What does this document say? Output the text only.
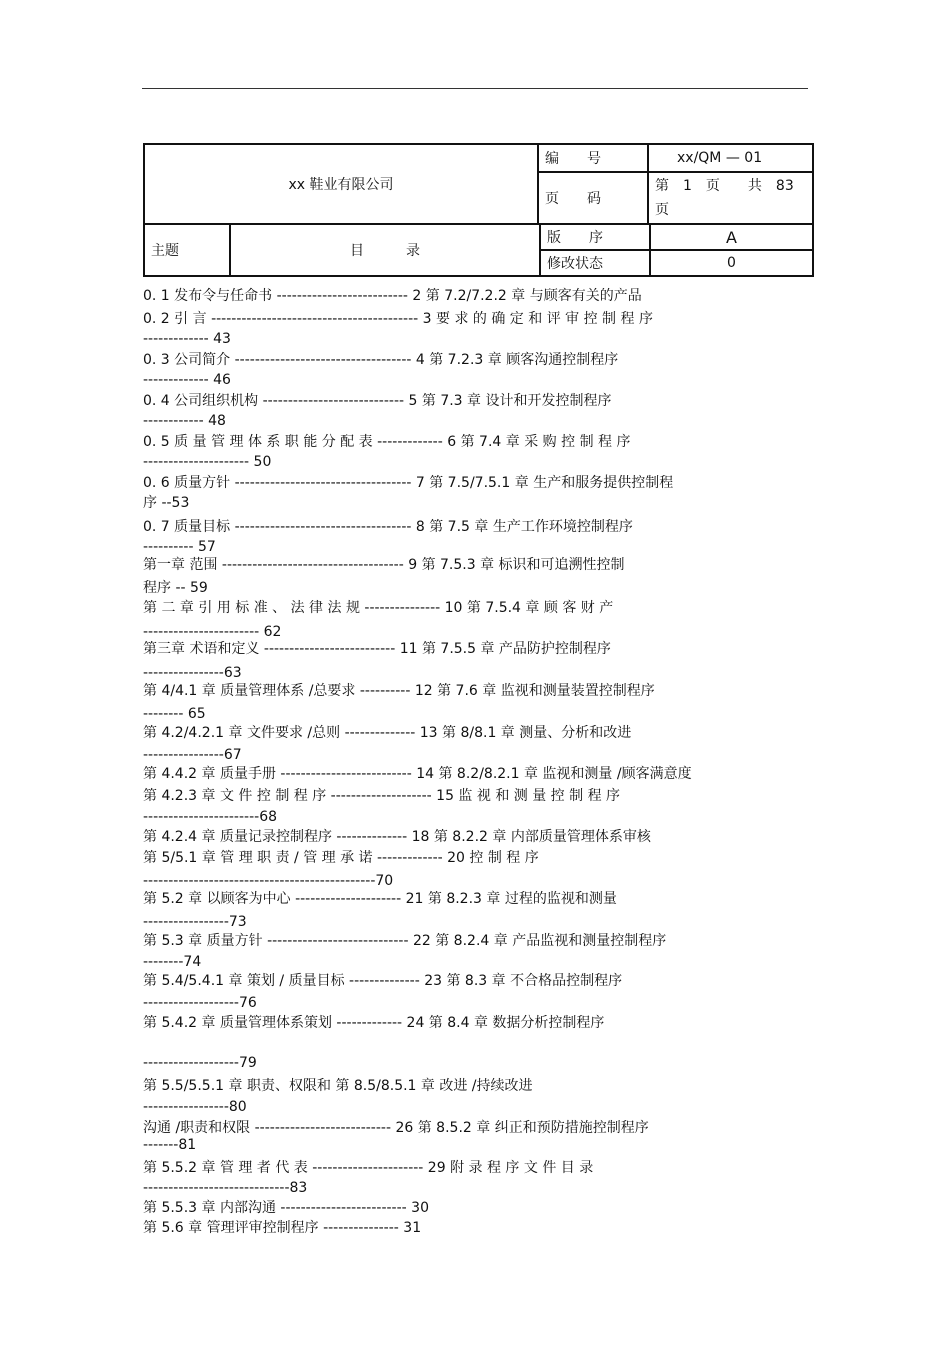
xx 鞋业有限公司	编　　号	xx/QM — 01
	页　　码	第　1　页　　共　83
页
主题	目　　　录	版　　序	A
		修改状态	0
0. 1 发布令与任命书 -------------------------- 2 第 7.2/7.2.2 章 与顾客有关的产品
0. 2 引 言 ----------------------------------------- 3 要 求 的 确 定 和 评 审 控 制 程 序
------------- 43
0. 3 公司简介 ----------------------------------- 4 第 7.2.3 章 顾客沟通控制程序
------------- 46
0. 4 公司组织机构 ---------------------------- 5 第 7.3 章 设计和开发控制程序
------------ 48
0. 5 质 量 管 理 体 系 职 能 分 配 表 ------------- 6 第 7.4 章 采 购 控 制 程 序
--------------------- 50
0. 6 质量方针 ----------------------------------- 7 第 7.5/7.5.1 章 生产和服务提供控制程
序 --53
0. 7 质量目标 ----------------------------------- 8 第 7.5 章 生产工作环境控制程序
---------- 57
第一章 范围 ------------------------------------ 9 第 7.5.3 章 标识和可追溯性控制
程序 -- 59
第 二 章 引 用 标 准 、 法 律 法 规 --------------- 10 第 7.5.4 章 顾 客 财 产
----------------------- 62
第三章 术语和定义 -------------------------- 11 第 7.5.5 章 产品防护控制程序
----------------63
第 4/4.1 章 质量管理体系 /总要求 ---------- 12 第 7.6 章 监视和测量装置控制程序
-------- 65
第 4.2/4.2.1 章 文件要求 /总则 -------------- 13 第 8/8.1 章 测量、分析和改进
----------------67
第 4.4.2 章 质量手册 -------------------------- 14 第 8.2/8.2.1 章 监视和测量 /顾客满意度
第 4.2.3 章 文 件 控 制 程 序 -------------------- 15 监 视 和 测 量 控 制 程 序
-----------------------68
第 4.2.4 章 质量记录控制程序 -------------- 18 第 8.2.2 章 内部质量管理体系审核
第 5/5.1 章 管 理 职 责 / 管 理 承 诺 ------------- 20 控 制 程 序
----------------------------------------------70
第 5.2 章 以顾客为中心 --------------------- 21 第 8.2.3 章 过程的监视和测量
-----------------73
第 5.3 章 质量方针 ---------------------------- 22 第 8.2.4 章 产品监视和测量控制程序
--------74
第 5.4/5.4.1 章 策划 / 质量目标 -------------- 23 第 8.3 章 不合格品控制程序
-------------------76
第 5.4.2 章 质量管理体系策划 ------------- 24 第 8.4 章 数据分析控制程序
-------------------79
第 5.5/5.5.1 章 职责、权限和 第 8.5/8.5.1 章 改进 /持续改进
-----------------80
沟通 /职责和权限 --------------------------- 26 第 8.5.2 章 纠正和预防措施控制程序
-------81
第 5.5.2 章 管 理 者 代 表 ---------------------- 29 附 录 程 序 文 件 目 录
-----------------------------83
第 5.5.3 章 内部沟通 ------------------------- 30
第 5.6 章 管理评审控制程序 --------------- 31
